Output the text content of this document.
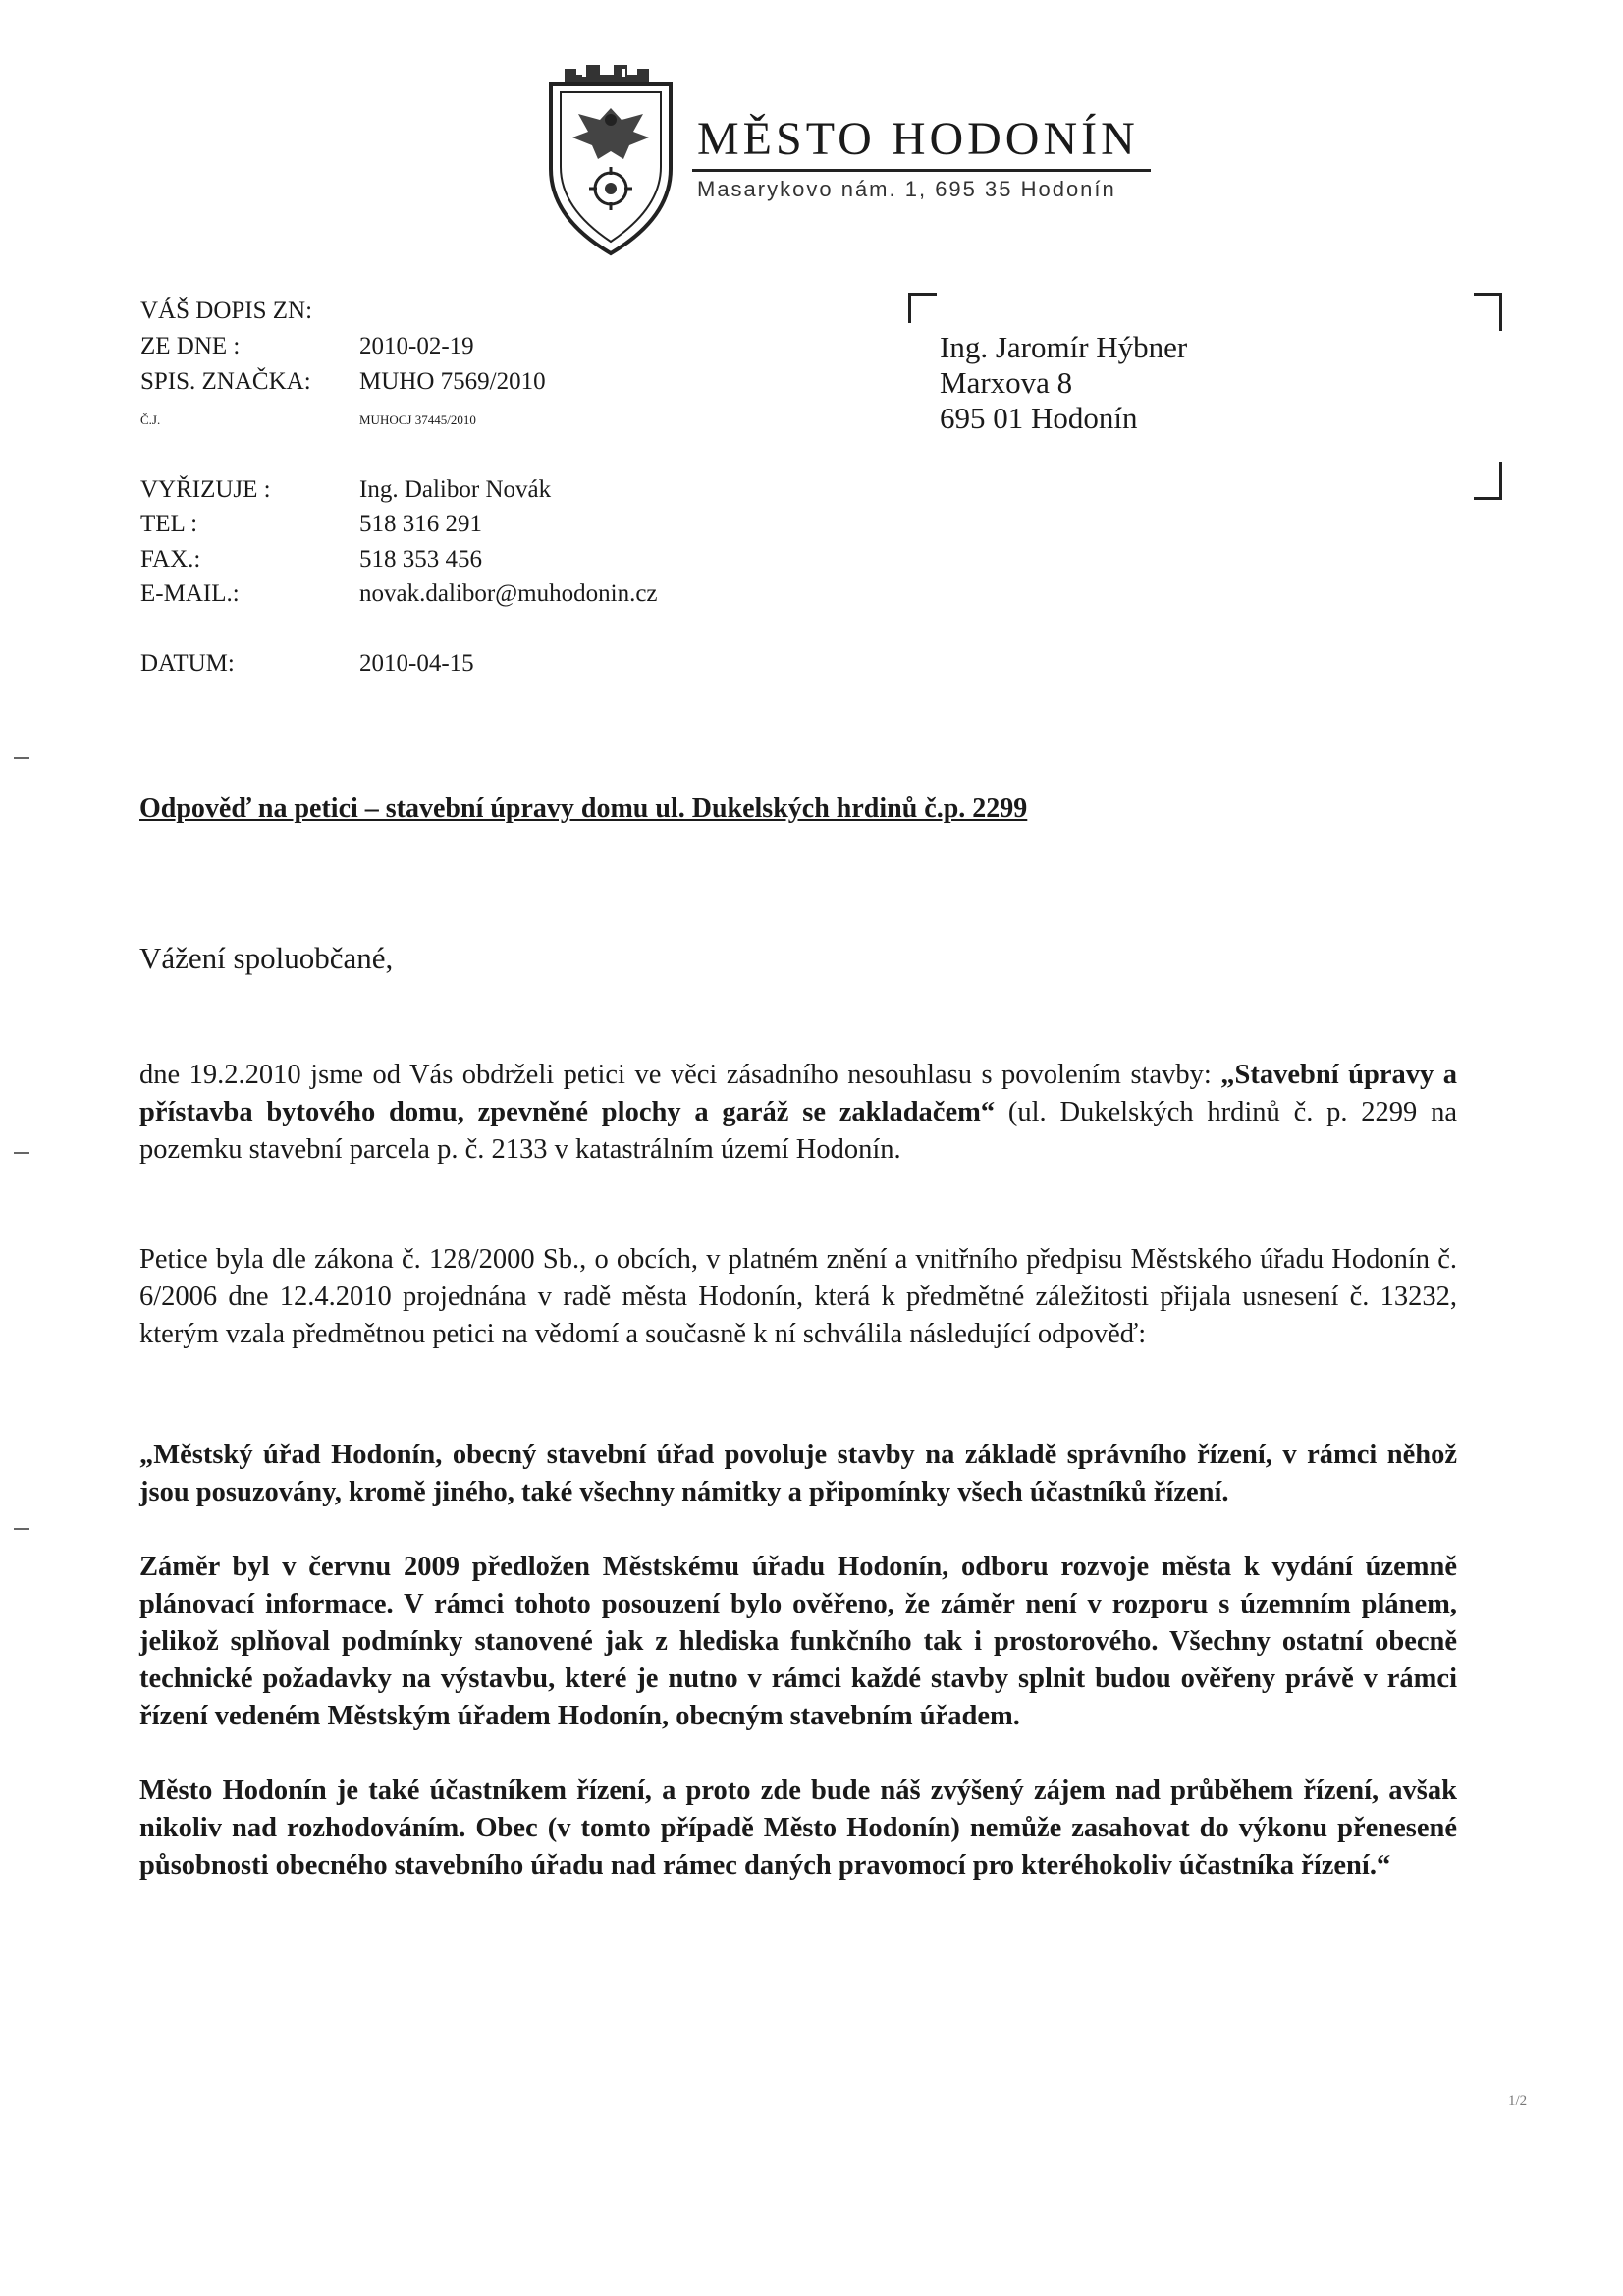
MĚSTO HODONÍN
Masarykovo nám. 1, 695 35 Hodonín
VÁŠ DOPIS ZN:
ZE DNE :	2010-02-19
SPIS. ZNAČKA: MUHO 7569/2010
Č.J.	MUHOCJ 37445/2010
VYŘIZUJE :	Ing. Dalibor Novák
TEL :	518 316 291
FAX.:	518 353 456
E-MAIL.:	novak.dalibor@muhodonin.cz
DATUM:	2010-04-15
Ing. Jaromír Hýbner
Marxova 8
695 01 Hodonín
Odpověď na petici – stavební úpravy domu ul. Dukelských hrdinů č.p. 2299
Vážení spoluobčané,
dne 19.2.2010 jsme od Vás obdrželi petici ve věci zásadního nesouhlasu s povolením stavby: „Stavební úpravy a přístavba bytového domu, zpevněné plochy a garáž se zakladačem“ (ul. Dukelských hrdinů č. p. 2299 na pozemku stavební parcela p. č. 2133 v katastrálním území Hodonín.
Petice byla dle zákona č. 128/2000 Sb., o obcích, v platném znění a vnitřního předpisu Městského úřadu Hodonín č. 6/2006 dne 12.4.2010 projednána v radě města Hodonín, která k předmětné záležitosti přijala usnesení č. 13232, kterým vzala předmětnou petici na vědomí a současně k ní schválila následující odpověď:
„Městský úřad Hodonín, obecný stavební úřad povoluje stavby na základě správního řízení, v rámci něhož jsou posuzovány, kromě jiného, také všechny námitky a připomínky všech účastníků řízení.
Záměr byl v červnu 2009 předložen Městskému úřadu Hodonín, odboru rozvoje města k vydání územně plánovací informace. V rámci tohoto posouzení bylo ověřeno, že záměr není v rozporu s územním plánem, jelikož splňoval podmínky stanovené jak z hlediska funkčního tak i prostorového. Všechny ostatní obecně technické požadavky na výstavbu, které je nutno v rámci každé stavby splnit budou ověřeny právě v rámci řízení vedeném Městským úřadem Hodonín, obecným stavebním úřadem.
Město Hodonín je také účastníkem řízení, a proto zde bude náš zvýšený zájem nad průběhem řízení, avšak nikoliv nad rozhodováním. Obec (v tomto případě Město Hodonín) nemůže zasahovat do výkonu přenesené působnosti obecného stavebního úřadu nad rámec daných pravomocí pro kteréhokoliv účastníka řízení.“
1/2
